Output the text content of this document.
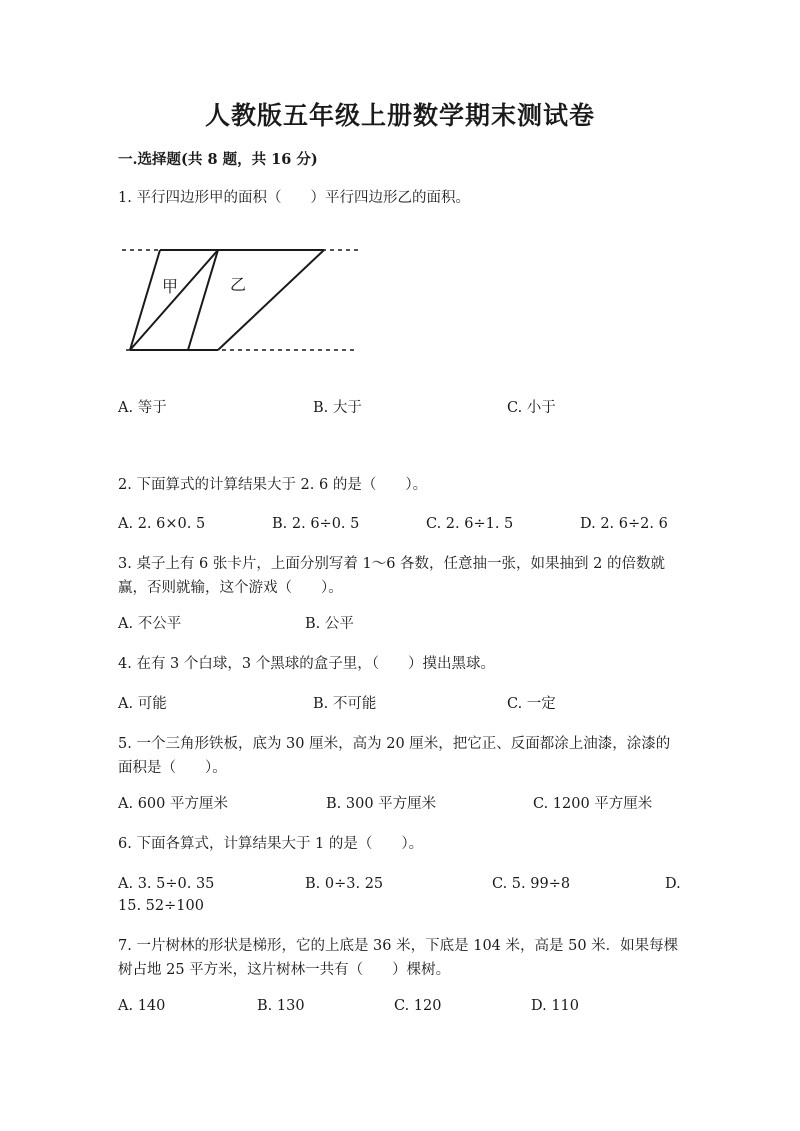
人教版五年级上册数学期末测试卷
一.选择题(共 8 题，共 16 分)
1. 平行四边形甲的面积（　　）平行四边形乙的面积。
甲	乙
A. 等于	B. 大于	C. 小于
2. 下面算式的计算结果大于 2. 6 的是（　　）。
A. 2. 6×0. 5	B. 2. 6÷0. 5	C. 2. 6÷1. 5	D. 2. 6÷2. 6
3. 桌子上有 6 张卡片，上面分别写着 1～6 各数，任意抽一张，如果抽到 2 的倍数就赢，否则就输，这个游戏（　　）。
A. 不公平	B. 公平
4. 在有 3 个白球，3 个黑球的盒子里，（　　）摸出黑球。
A. 可能	B. 不可能	C. 一定
5. 一个三角形铁板，底为 30 厘米，高为 20 厘米，把它正、反面都涂上油漆，涂漆的面积是（　　）。
A. 600 平方厘米	B. 300 平方厘米	C. 1200 平方厘米
6. 下面各算式，计算结果大于 1 的是（　　）。
A. 3. 5÷0. 35	B. 0÷3. 25	C. 5. 99÷8	D.
15. 52÷100
7. 一片树林的形状是梯形，它的上底是 36 米，下底是 104 米，高是 50 米．如果每棵树占地 25 平方米，这片树林一共有（　　）棵树。
A. 140	B. 130	C. 120	D. 110
